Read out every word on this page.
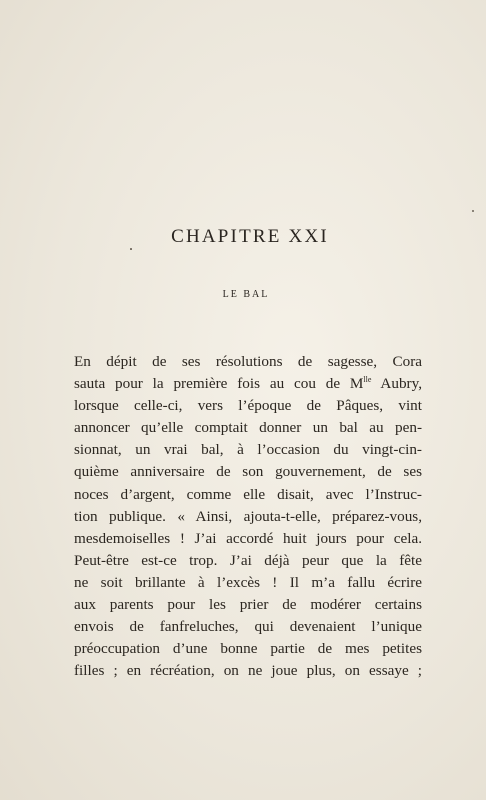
CHAPITRE XXI
LE BAL
En dépit de ses résolutions de sagesse, Cora
sauta pour la première fois au cou de $M^{lle}$ Aubry,
lorsque celle-ci, vers l’époque de Pâques, vint
annoncer qu’elle comptait donner un bal au pen-
sionnat, un vrai bal, à l’occasion du vingt-cin-
quième anniversaire de son gouvernement, de ses
noces d’argent, comme elle disait, avec l’Instruc-
tion publique. « Ainsi, ajouta-t-elle, préparez-vous,
mesdemoiselles ! J’ai accordé huit jours pour cela.
Peut-être est-ce trop. J’ai déjà peur que la fête
ne soit brillante à l’excès ! Il m’a fallu écrire
aux parents pour les prier de modérer certains
envois de fanfreluches, qui devenaient l’unique
préoccupation d’une bonne partie de mes petites
filles ; en récréation, on ne joue plus, on essaye ;
